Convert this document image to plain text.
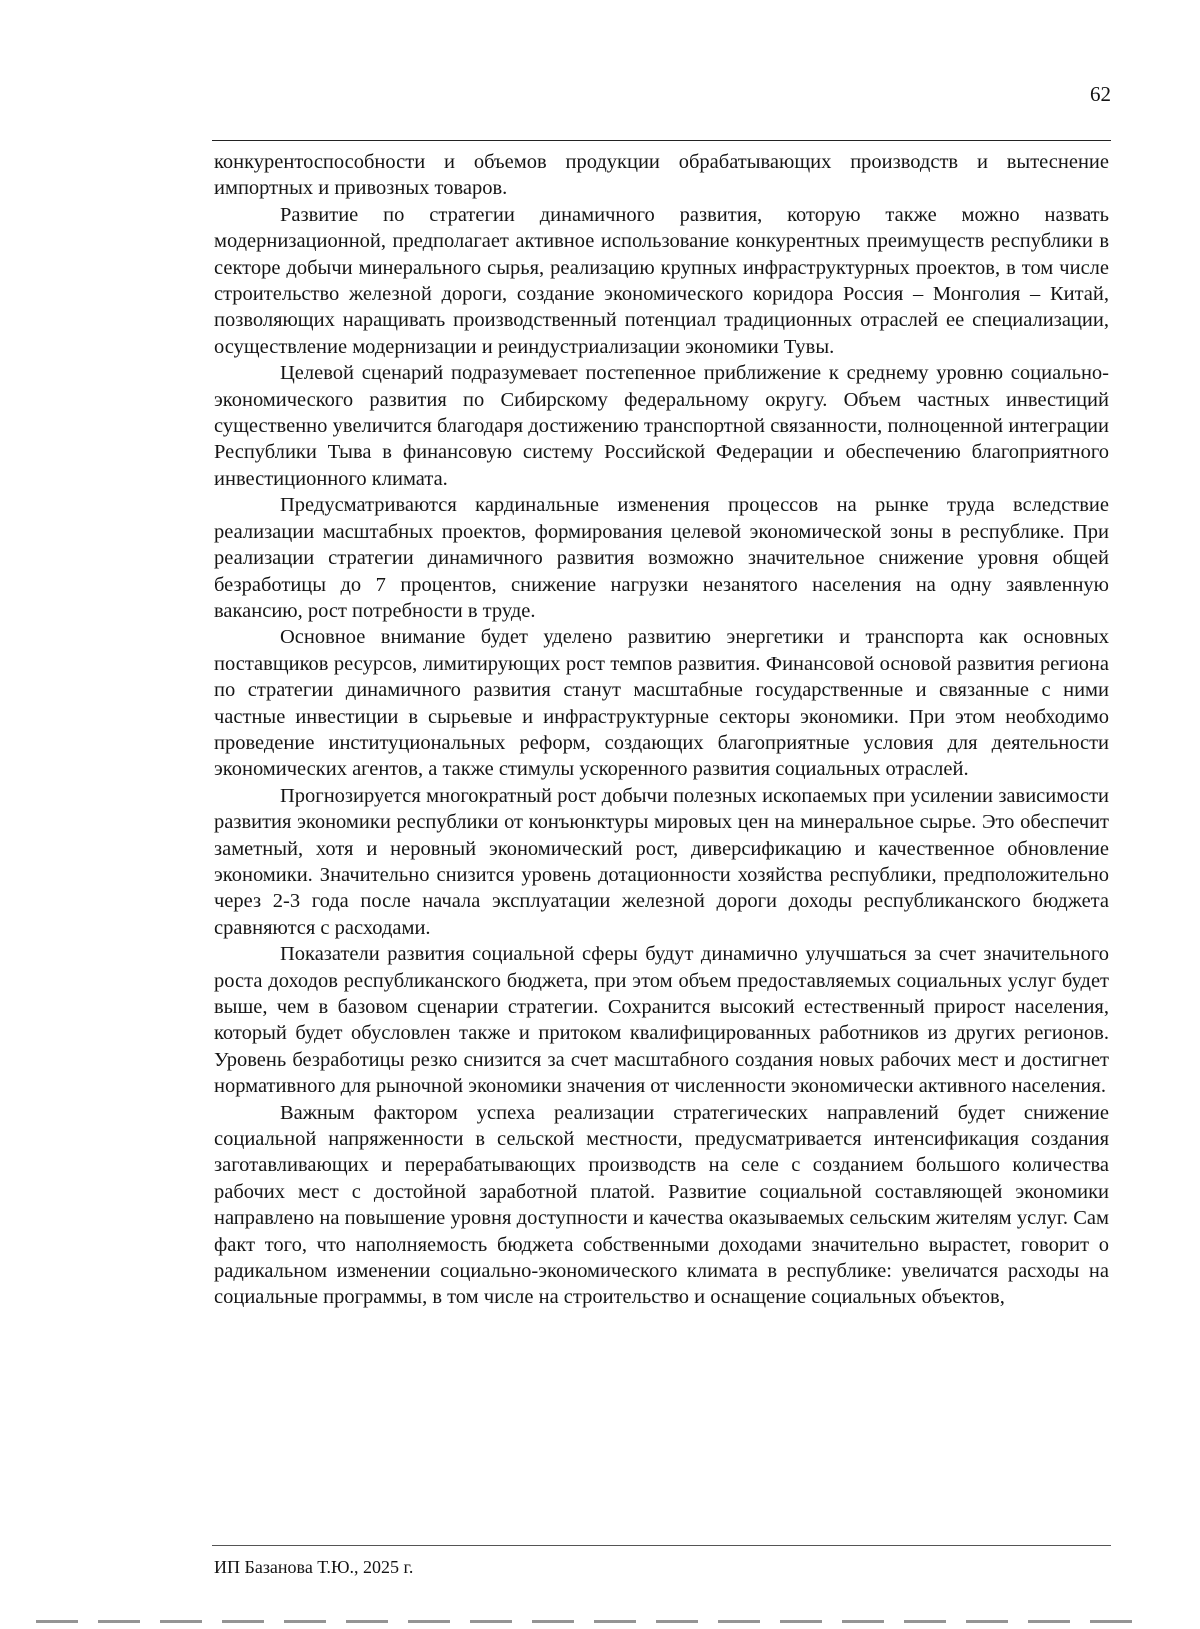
62

конкурентоспособности и объемов продукции обрабатывающих производств и вытеснение импортных и привозных товаров.

Развитие по стратегии динамичного развития, которую также можно назвать модернизационной, предполагает активное использование конкурентных преимуществ республики в секторе добычи минерального сырья, реализацию крупных инфраструктурных проектов, в том числе строительство железной дороги, создание экономического коридора Россия – Монголия – Китай, позволяющих наращивать производственный потенциал традиционных отраслей ее специализации, осуществление модернизации и реиндустриализации экономики Тувы.

Целевой сценарий подразумевает постепенное приближение к среднему уровню социально-экономического развития по Сибирскому федеральному округу. Объем частных инвестиций существенно увеличится благодаря достижению транспортной связанности, полноценной интеграции Республики Тыва в финансовую систему Российской Федерации и обеспечению благоприятного инвестиционного климата.

Предусматриваются кардинальные изменения процессов на рынке труда вследствие реализации масштабных проектов, формирования целевой экономической зоны в республике. При реализации стратегии динамичного развития возможно значительное снижение уровня общей безработицы до 7 процентов, снижение нагрузки незанятого населения на одну заявленную вакансию, рост потребности в труде.

Основное внимание будет уделено развитию энергетики и транспорта как основных поставщиков ресурсов, лимитирующих рост темпов развития. Финансовой основой развития региона по стратегии динамичного развития станут масштабные государственные и связанные с ними частные инвестиции в сырьевые и инфраструктурные секторы экономики. При этом необходимо проведение институциональных реформ, создающих благоприятные условия для деятельности экономических агентов, а также стимулы ускоренного развития социальных отраслей.

Прогнозируется многократный рост добычи полезных ископаемых при усилении зависимости развития экономики республики от конъюнктуры мировых цен на минеральное сырье. Это обеспечит заметный, хотя и неровный экономический рост, диверсификацию и качественное обновление экономики. Значительно снизится уровень дотационности хозяйства республики, предположительно через 2-3 года после начала эксплуатации железной дороги доходы республиканского бюджета сравняются с расходами.

Показатели развития социальной сферы будут динамично улучшаться за счет значительного роста доходов республиканского бюджета, при этом объем предоставляемых социальных услуг будет выше, чем в базовом сценарии стратегии. Сохранится высокий естественный прирост населения, который будет обусловлен также и притоком квалифицированных работников из других регионов. Уровень безработицы резко снизится за счет масштабного создания новых рабочих мест и достигнет нормативного для рыночной экономики значения от численности экономически активного населения.

Важным фактором успеха реализации стратегических направлений будет снижение социальной напряженности в сельской местности, предусматривается интенсификация создания заготавливающих и перерабатывающих производств на селе с созданием большого количества рабочих мест с достойной заработной платой. Развитие социальной составляющей экономики направлено на повышение уровня доступности и качества оказываемых сельским жителям услуг. Сам факт того, что наполняемость бюджета собственными доходами значительно вырастет, говорит о радикальном изменении социально-экономического климата в республике: увеличатся расходы на социальные программы, в том числе на строительство и оснащение социальных объектов,

ИП Базанова Т.Ю., 2025 г.
